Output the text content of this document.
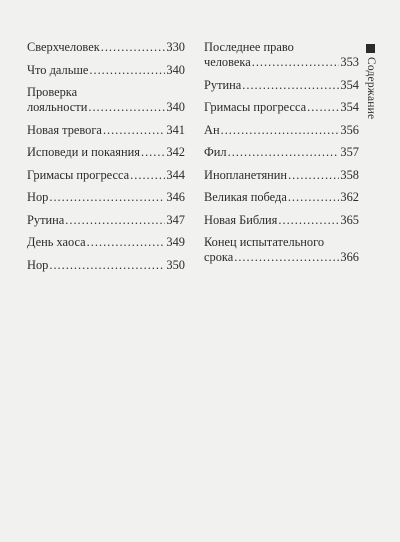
Сверхчеловек .....	330
Что дальше .....	340
Проверка
лояльности .....	340
Новая тревога .....	341
Исповеди и покаяния ..... 342
Гримасы прогресса .....	344
Нор .....	346
Рутина .....	347
День хаоса .....	349
Нор .....	350
Последнее право
человека .....	353
Рутина .....	354
Гримасы прогресса .....	354
Ан .....	356
Фил .....	357
Инопланетянин .....	358
Великая победа .....	362
Новая Библия .....	365
Конец испытательного
срока .....	366
Содержание
